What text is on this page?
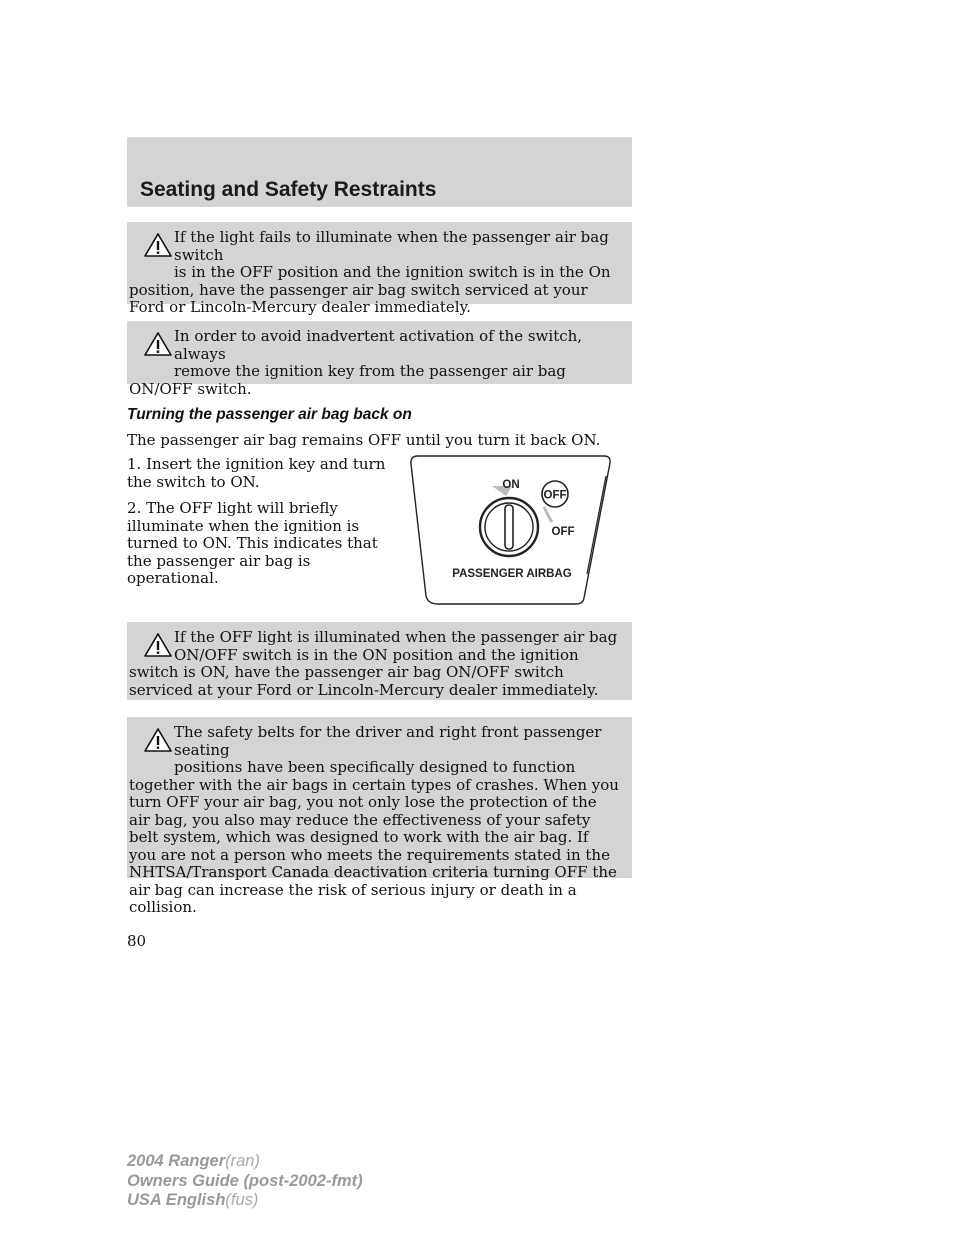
Seating and Safety Restraints

If the light fails to illuminate when the passenger air bag switch
is in the OFF position and the ignition switch is in the On position, have the passenger air bag switch serviced at your Ford or Lincoln-Mercury dealer immediately.

In order to avoid inadvertent activation of the switch, always
remove the ignition key from the passenger air bag ON/OFF switch.

Turning the passenger air bag back on

The passenger air bag remains OFF until you turn it back ON.

1. Insert the ignition key and turn the switch to ON.

2. The OFF light will briefly illuminate when the ignition is turned to ON. This indicates that the passenger air bag is operational.

OFF
ON
OFF
PASSENGER AIRBAG

If the OFF light is illuminated when the passenger air bag
ON/OFF switch is in the ON position and the ignition switch is ON, have the passenger air bag ON/OFF switch serviced at your Ford or Lincoln-Mercury dealer immediately.

The safety belts for the driver and right front passenger seating
positions have been specifically designed to function together with the air bags in certain types of crashes. When you turn OFF your air bag, you not only lose the protection of the air bag, you also may reduce the effectiveness of your safety belt system, which was designed to work with the air bag. If you are not a person who meets the requirements stated in the NHTSA/Transport Canada deactivation criteria turning OFF the air bag can increase the risk of serious injury or death in a collision.

80
2004 Ranger(ran)
Owners Guide (post-2002-fmt)
USA English(fus)
